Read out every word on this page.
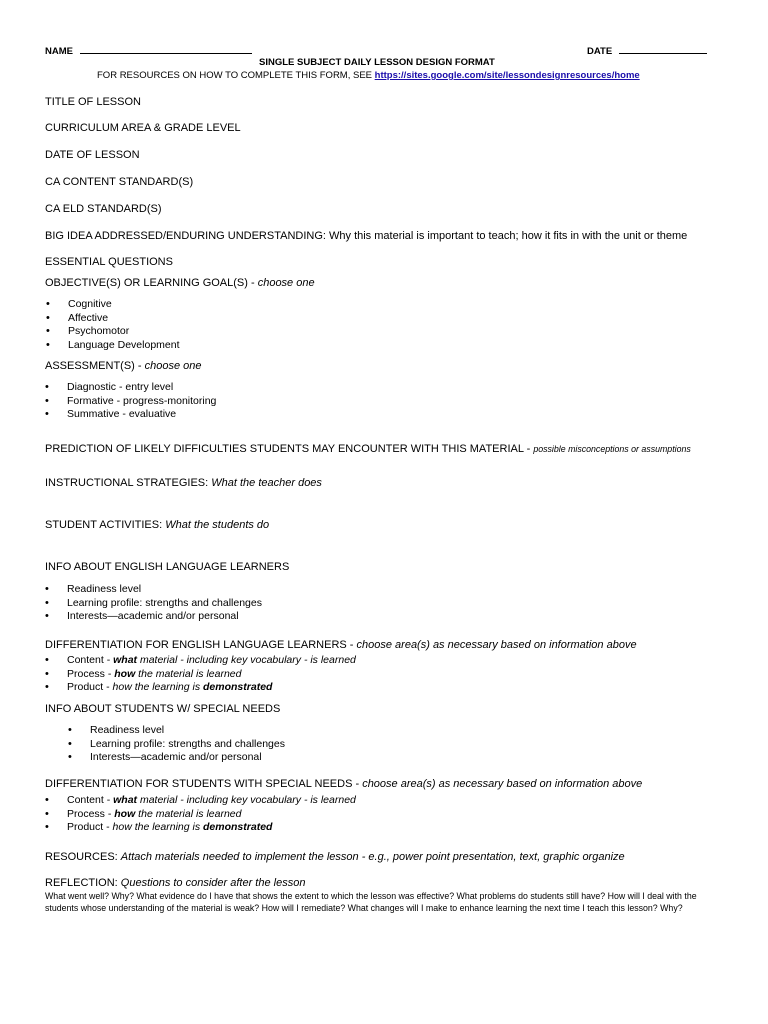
NAME	DATE
SINGLE SUBJECT DAILY LESSON DESIGN FORMAT
FOR RESOURCES ON HOW TO COMPLETE THIS FORM, SEE https://sites.google.com/site/lessondesignresources/home
TITLE OF LESSON
CURRICULUM AREA & GRADE LEVEL
DATE OF LESSON
CA CONTENT STANDARD(S)
CA ELD STANDARD(S)
BIG IDEA ADDRESSED/ENDURING UNDERSTANDING: Why this material is important to teach; how it fits in with the unit or theme
ESSENTIAL QUESTIONS
OBJECTIVE(S) OR LEARNING GOAL(S) - choose one
• Cognitive
• Affective
• Psychomotor
• Language Development
ASSESSMENT(S) - choose one
• Diagnostic - entry level
• Formative - progress-monitoring
• Summative - evaluative
PREDICTION OF LIKELY DIFFICULTIES STUDENTS MAY ENCOUNTER WITH THIS MATERIAL - possible misconceptions or assumptions
INSTRUCTIONAL STRATEGIES: What the teacher does
STUDENT ACTIVITIES: What the students do
INFO ABOUT ENGLISH LANGUAGE LEARNERS
• Readiness level
• Learning profile: strengths and challenges
• Interests—academic and/or personal
DIFFERENTIATION FOR ENGLISH LANGUAGE LEARNERS - choose area(s) as necessary based on information above
• Content - what material - including key vocabulary - is learned
• Process - how the material is learned
• Product - how the learning is demonstrated
INFO ABOUT STUDENTS W/ SPECIAL NEEDS
• Readiness level
• Learning profile: strengths and challenges
• Interests—academic and/or personal
DIFFERENTIATION FOR STUDENTS WITH SPECIAL NEEDS - choose area(s) as necessary based on information above
• Content - what material - including key vocabulary - is learned
• Process - how the material is learned
• Product - how the learning is demonstrated
RESOURCES: Attach materials needed to implement the lesson - e.g., power point presentation, text, graphic organize
REFLECTION: Questions to consider after the lesson
What went well? Why? What evidence do I have that shows the extent to which the lesson was effective? What problems do students still have? How will I deal with the students whose understanding of the material is weak? How will I remediate? What changes will I make to enhance learning the next time I teach this lesson? Why?
